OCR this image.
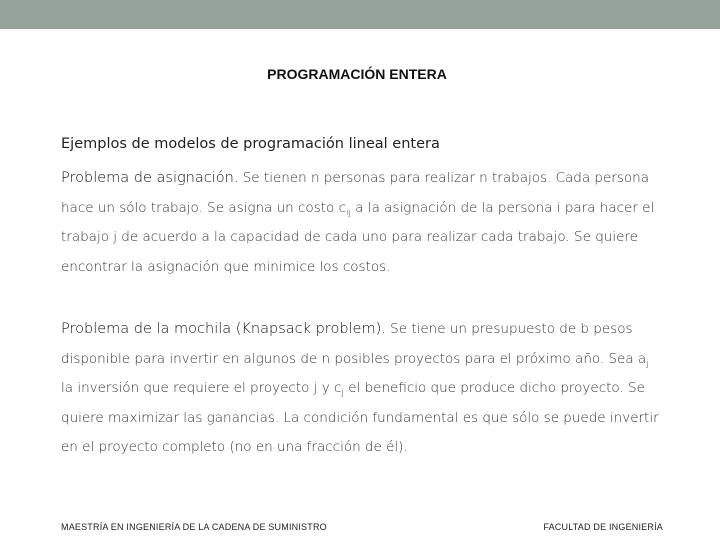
PROGRAMACIÓN ENTERA
Ejemplos de modelos de programación lineal entera

Problema de asignación. Se tienen n personas para realizar n trabajos. Cada persona hace un sólo trabajo. Se asigna un costo $c_{ij}$ a la asignación de la persona i para hacer el trabajo j de acuerdo a la capacidad de cada uno para realizar cada trabajo. Se quiere encontrar la asignación que minimice los costos.

Problema de la mochila (Knapsack problem). Se tiene un presupuesto de b pesos disponible para invertir en algunos de n posibles proyectos para el próximo año. Sea $a_j$ la inversión que requiere el proyecto j y $c_j$ el beneficio que produce dicho proyecto. Se quiere maximizar las ganancias. La condición fundamental es que sólo se puede invertir en el proyecto completo (no en una fracción de él).

MAESTRÍA EN INGENIERÍA DE LA CADENA DE SUMINISTRO	FACULTAD DE INGENIERÍA
